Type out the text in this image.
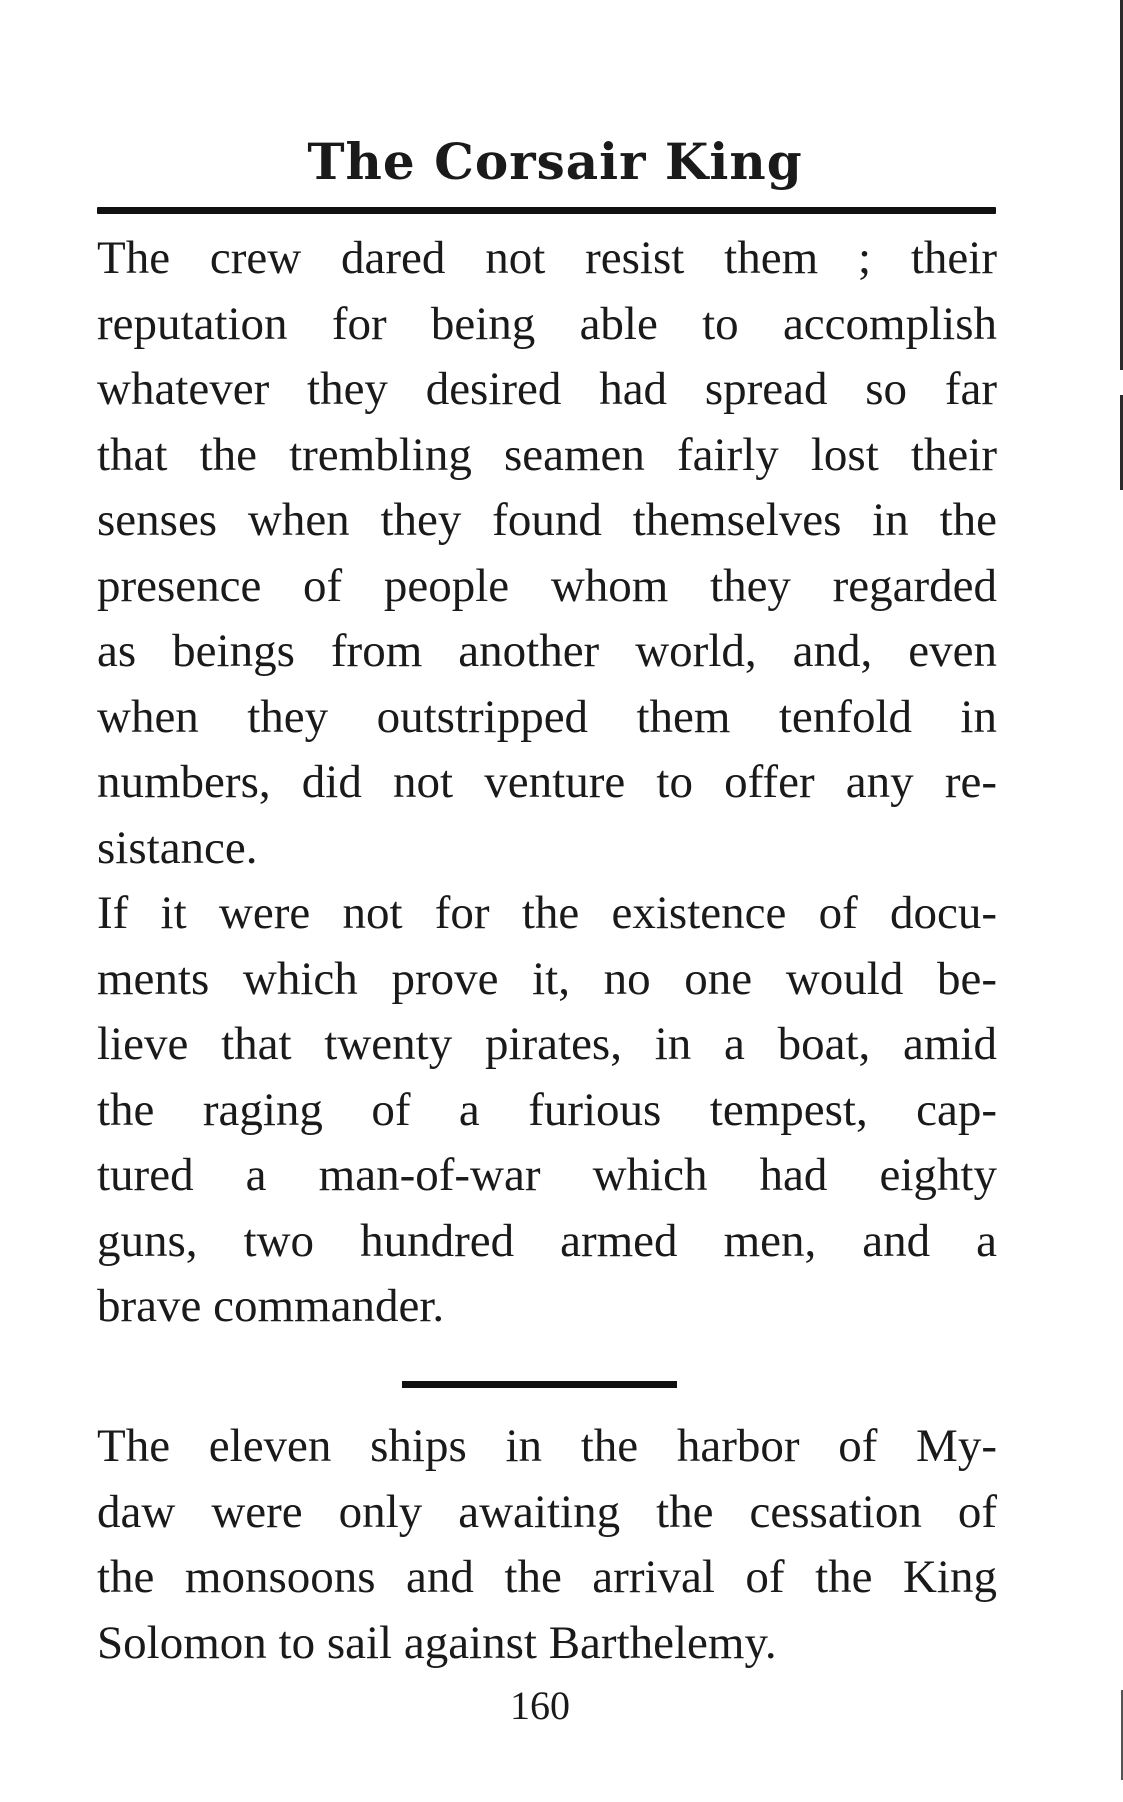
The Corsair King
The crew dared not resist them ; their
reputation for being able to accomplish
whatever they desired had spread so far
that the trembling seamen fairly lost their
senses when they found themselves in the
presence of people whom they regarded
as beings from another world, and, even
when they outstripped them tenfold in
numbers, did not venture to offer any re-
sistance.
If it were not for the existence of docu-
ments which prove it, no one would be-
lieve that twenty pirates, in a boat, amid
the raging of a furious tempest, cap-
tured a man-of-war which had eighty
guns, two hundred armed men, and a
brave commander.
The eleven ships in the harbor of My-
daw were only awaiting the cessation of
the monsoons and the arrival of the King
Solomon to sail against Barthelemy.
160
